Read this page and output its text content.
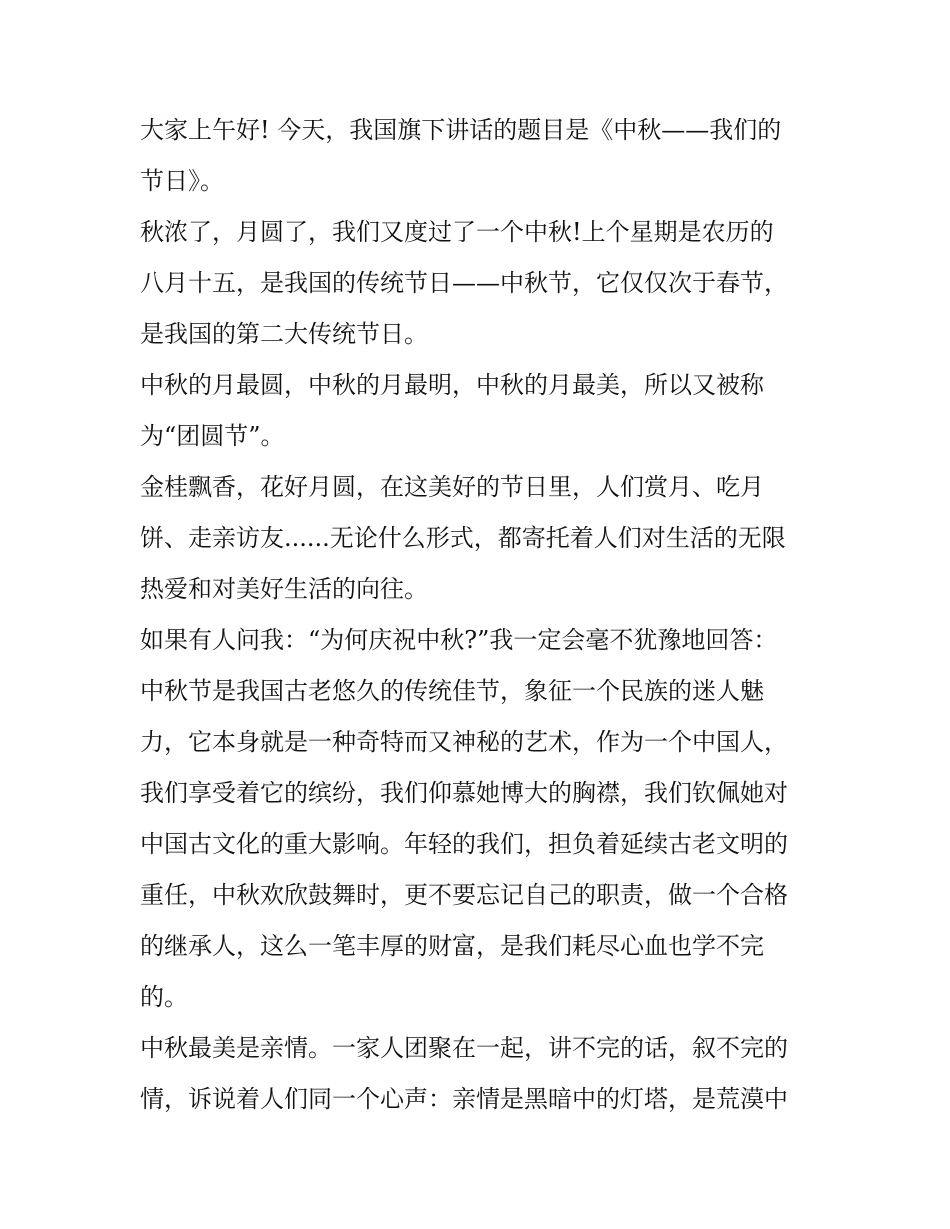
大家上午好! 今天，我国旗下讲话的题目是《中秋——我们的

节日》。

秋浓了，月圆了，我们又度过了一个中秋!上个星期是农历的

八月十五，是我国的传统节日——中秋节，它仅仅次于春节，

是我国的第二大传统节日。

中秋的月最圆，中秋的月最明，中秋的月最美，所以又被称

为“团圆节”。

金桂飘香，花好月圆，在这美好的节日里，人们赏月、吃月

饼、走亲访友......无论什么形式，都寄托着人们对生活的无限

热爱和对美好生活的向往。

如果有人问我：“为何庆祝中秋?”我一定会毫不犹豫地回答：

中秋节是我国古老悠久的传统佳节，象征一个民族的迷人魅

力，它本身就是一种奇特而又神秘的艺术，作为一个中国人，

我们享受着它的缤纷，我们仰慕她博大的胸襟，我们钦佩她对

中国古文化的重大影响。年轻的我们，担负着延续古老文明的

重任，中秋欢欣鼓舞时，更不要忘记自己的职责，做一个合格

的继承人，这么一笔丰厚的财富，是我们耗尽心血也学不完

的。

中秋最美是亲情。一家人团聚在一起，讲不完的话，叙不完的

情，诉说着人们同一个心声：亲情是黑暗中的灯塔，是荒漠中
